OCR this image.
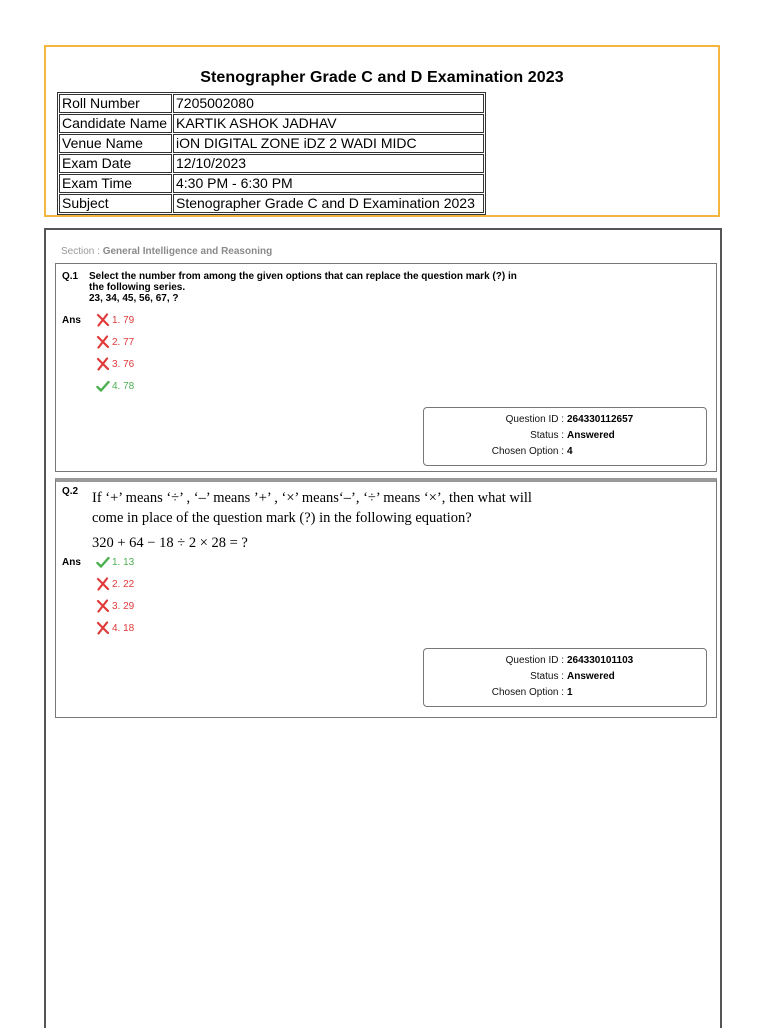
Stenographer Grade C and D Examination 2023
Roll Number	7205002080
Candidate Name	KARTIK ASHOK JADHAV
Venue Name	iON DIGITAL ZONE iDZ 2 WADI MIDC
Exam Date	12/10/2023
Exam Time	4:30 PM - 6:30 PM
Subject	Stenographer Grade C and D Examination 2023
Section : General Intelligence and Reasoning
Q.1 Select the number from among the given options that can replace the question mark (?) in
the following series.
23, 34, 45, 56, 67, ?
Ans	1. 79
2. 77
3. 76
4. 78
Question ID : 264330112657
Status : Answered
Chosen Option : 4
Q.2 If ‘+’ means ‘÷’ , ‘–’ means ’+’ , ‘×’ means‘–’, ‘÷’ means ‘×’, then what will
come in place of the question mark (?) in the following equation?
320 + 64 − 18 ÷ 2 × 28 = ?
Ans	1. 13
2. 22
3. 29
4. 18
Question ID : 264330101103
Status : Answered
Chosen Option : 1
